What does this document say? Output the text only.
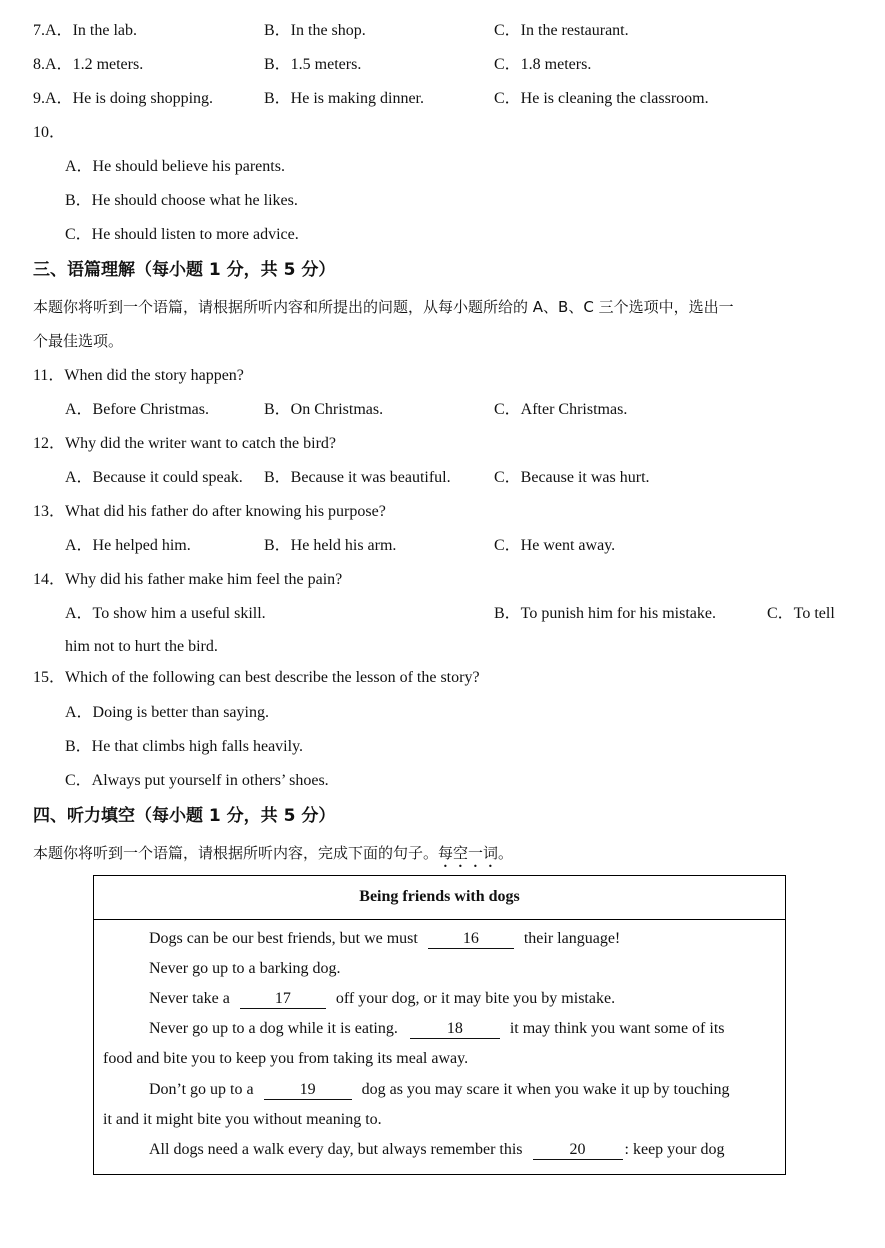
7.A．In the lab.	B．In the shop.	C．In the restaurant.
8.A．1.2 meters.	B．1.5 meters.	C．1.8 meters.
9.A．He is doing shopping.	B．He is making dinner.	C．He is cleaning the classroom.
10．
A．He should believe his parents.
B．He should choose what he likes.
C．He should listen to more advice.
三、语篇理解（每小题 1 分，共 5 分）
本题你将听到一个语篇，请根据所听内容和所提出的问题，从每小题所给的 A、B、C 三个选项中，选出一
个最佳选项。
11．When did the story happen?
A．Before Christmas.	B．On Christmas.	C．After Christmas.
12．Why did the writer want to catch the bird?
A．Because it could speak. B．Because it was beautiful.	C．Because it was hurt.
13．What did his father do after knowing his purpose?
A．He helped him.	B．He held his arm.	C．He went away.
14．Why did his father make him feel the pain?
A．To show him a useful skill.	B．To punish him for his mistake.	C．To tell
him not to hurt the bird.
15．Which of the following can best describe the lesson of the story?
A．Doing is better than saying.
B．He that climbs high falls heavily.
C．Always put yourself in others’ shoes.
四、听力填空（每小题 1 分，共 5 分）
本题你将听到一个语篇，请根据所听内容，完成下面的句子。每空一词。
Being friends with dogs
Dogs can be our best friends, but we must	16	their language!
Never go up to a barking dog.
Never take a	17	off your dog, or it may bite you by mistake.
Never go up to a dog while it is eating.	18	it may think you want some of its
food and bite you to keep you from taking its meal away.
Don’t go up to a	19	dog as you may scare it when you wake it up by touching
it and it might bite you without meaning to.
All dogs need a walk every day, but always remember this	20 : keep your dog
